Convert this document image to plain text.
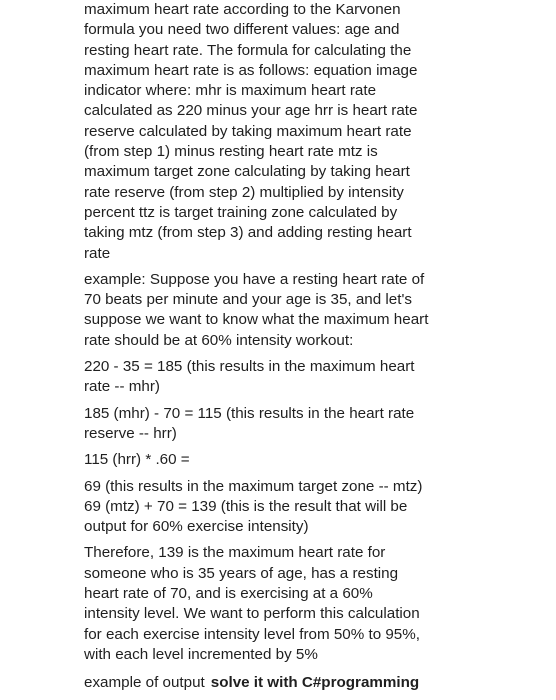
maximum heart rate according to the Karvonen
formula you need two different values: age and
resting heart rate. The formula for calculating the
maximum heart rate is as follows: equation image
indicator where: mhr is maximum heart rate
calculated as 220 minus your age hrr is heart rate
reserve calculated by taking maximum heart rate
(from step 1) minus resting heart rate mtz is
maximum target zone calculating by taking heart
rate reserve (from step 2) multiplied by intensity
percent ttz is target training zone calculated by
taking mtz (from step 3) and adding resting heart
rate
example: Suppose you have a resting heart rate of
70 beats per minute and your age is 35, and let's
suppose we want to know what the maximum heart
rate should be at 60% intensity workout:
220 - 35 = 185 (this results in the maximum heart
rate -- mhr)
185 (mhr) - 70 = 115 (this results in the heart rate
reserve -- hrr)
115 (hrr) * .60 =
69 (this results in the maximum target zone -- mtz)
69 (mtz) + 70 = 139 (this is the result that will be
output for 60% exercise intensity)
Therefore, 139 is the maximum heart rate for
someone who is 35 years of age, has a resting
heart rate of 70, and is exercising at a 60%
intensity level. We want to perform this calculation
for each exercise intensity level from 50% to 95%,
with each level incremented by 5%
example of output solve it with C#programming
